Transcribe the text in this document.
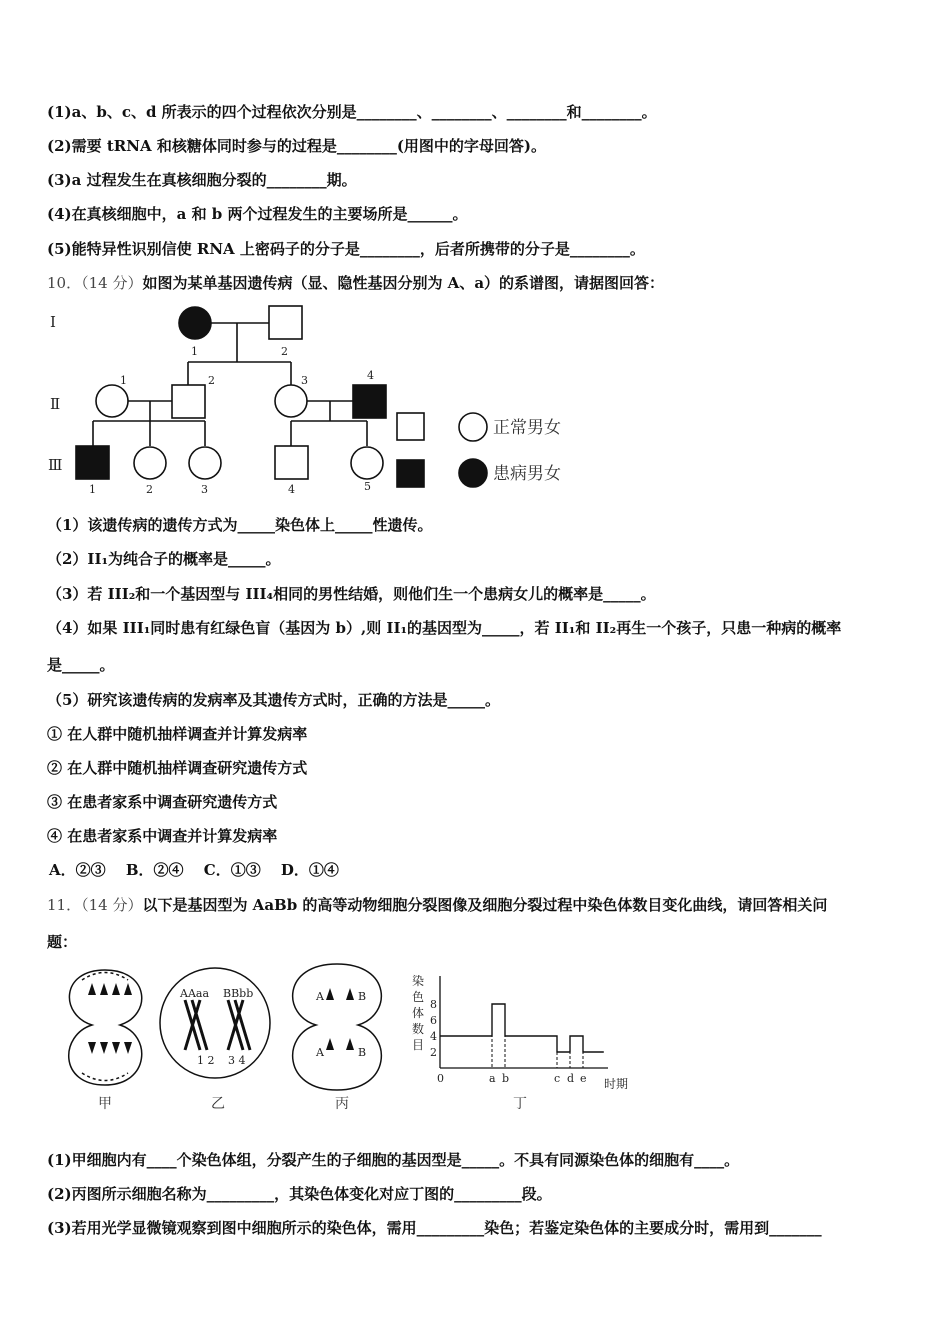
(1)a、b、c、d 所表示的四个过程依次分别是________、________、________和________。
(2)需要 tRNA 和核糖体同时参与的过程是________(用图中的字母回答)。
(3)a 过程发生在真核细胞分裂的________期。
(4)在真核细胞中，a 和 b 两个过程发生的主要场所是______。
(5)能特异性识别信使 RNA 上密码子的分子是________，后者所携带的分子是________。
10．（14 分）如图为某单基因遗传病（显、隐性基因分别为 A、a）的系谱图，请据图回答：
Ⅰ
Ⅱ
Ⅲ
1	2
1	2	3	4
1	2	3	4	5
正常男女
患病男女
（1）该遗传病的遗传方式为_____染色体上_____性遗传。
（2）II₁为纯合子的概率是_____。
（3）若 III₂和一个基因型与 III₄相同的男性结婚，则他们生一个患病女儿的概率是_____。
（4）如果 III₁同时患有红绿色盲（基因为 b）,则 II₁的基因型为_____，若 II₁和 II₂再生一个孩子，只患一种病的概率
是_____。
（5）研究该遗传病的发病率及其遗传方式时，正确的方法是_____。
① 在人群中随机抽样调查并计算发病率
② 在人群中随机抽样调查研究遗传方式
③ 在患者家系中调查研究遗传方式
④ 在患者家系中调查并计算发病率
A．②③　 B．②④　 C．①③　 D．①④
11．（14 分）以下是基因型为 AaBb 的高等动物细胞分裂图像及细胞分裂过程中染色体数目变化曲线，请回答相关问
题：
AAaa BBbb
1 2 3 4
A	B
A	B	2
4
6
8
0	a b	c d e
染
色
体
数
目
时期
甲	乙	丙	丁
(1)甲细胞内有____个染色体组，分裂产生的子细胞的基因型是_____。不具有同源染色体的细胞有____。
(2)丙图所示细胞名称为_________，其染色体变化对应丁图的_________段。
(3)若用光学显微镜观察到图中细胞所示的染色体，需用_________染色；若鉴定染色体的主要成分时，需用到_______
